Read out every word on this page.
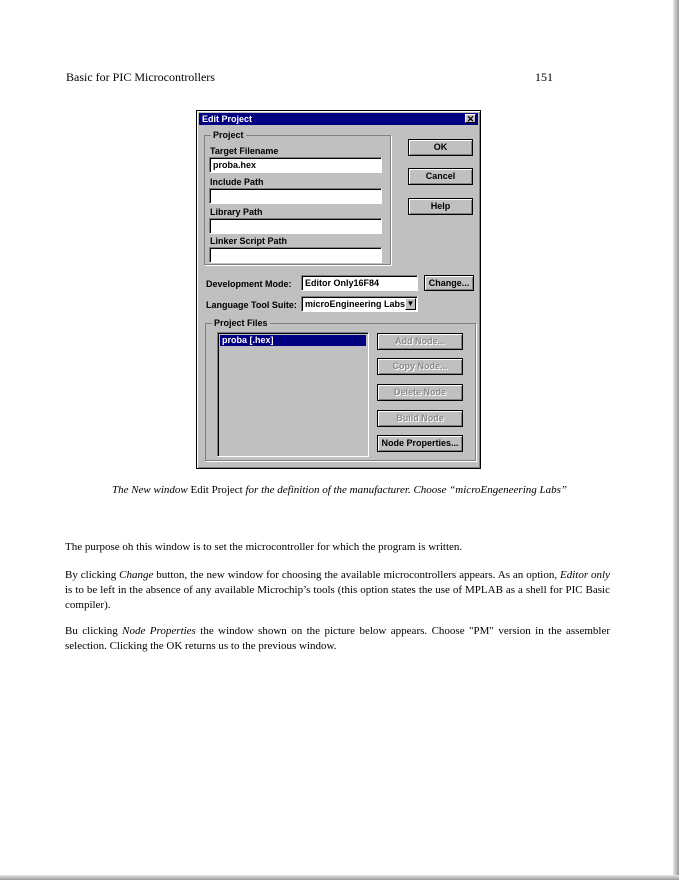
Basic for PIC Microcontrollers	151
Edit Project	✕
Project
Target Filename
proba.hex
Include Path
Library Path
Linker Script Path
OK
Cancel
Help
Development Mode:	Editor Only16F84	Change...
Language Tool Suite: microEngineering Labs ▼
Project Files
Add Node...
Copy Node...
Delete Node
Build Node
Node Properties...
proba [.hex]
The New window Edit Project for the definition of the manufacturer. Choose “microEngeneering Labs”

The purpose oh this window is to set the microcontroller for which the program is written.

By clicking Change button, the new window for choosing the available microcontrollers appears. As an option, Editor only is to be left in the absence of any available Microchip’s tools (this option states the use of MPLAB as a shell for PIC Basic compiler).

Bu clicking Node Properties the window shown on the picture below appears. Choose "PM" version in the assembler selection. Clicking the OK returns us to the previous window.
